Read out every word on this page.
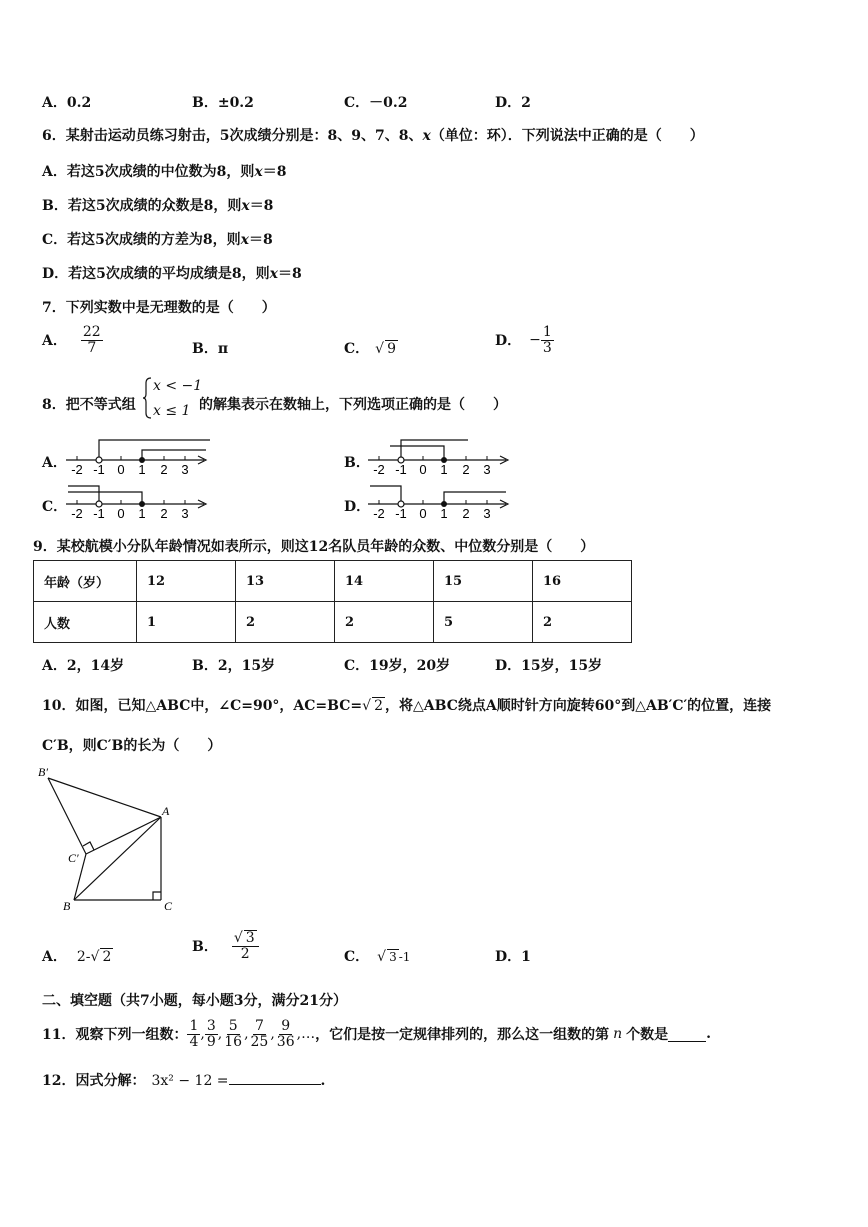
A．0.2	B．±0.2	C．－0.2	D．2
6．某射击运动员练习射击，5次成绩分别是：8、9、7、8、x（单位：环）．下列说法中正确的是（　　）
A．若这5次成绩的中位数为8，则x＝8
B．若这5次成绩的众数是8，则x＝8
C．若这5次成绩的方差为8，则x＝8
D．若这5次成绩的平均成绩是8，则x＝8
7．下列实数中是无理数的是（　　）
A． $\frac{22}{7}$	B．π	C． √ 9	D． − $\frac{1}{3}$
8．把不等式组
x < −1
x ≤ 1 的解集表示在数轴上，下列选项正确的是（　　）
A．	B．
C．	D．
-2 -1 0 1 2 3	-2 -1 0 1 2 3
-2 -1 0 1 2 3	-2 -1 0 1 2 3
9．某校航模小分队年龄情况如表所示，则这12名队员年龄的众数、中位数分别是（　　）
年龄（岁）	12	13	14	15	16
人数	1	2	2	5	2
A．2，14岁	B．2，15岁	C．19岁，20岁	D．15岁，15岁
10．如图，已知△ABC中，∠C=90°，AC=BC=√ 2 ，将△ABC绕点A顺时针方向旋转60°到△AB′C′的位置，连接
C′B，则C′B的长为（　　）
B′
A
C′
B	C
A． 2-√ 2
B． $\frac{√ 3}{2}$	C． √ 3 -1	D．1
二、填空题（共7小题，每小题3分，满分21分）
11．观察下列一组数： $\frac{1}{4}$ , $\frac{3}{9}$ , $\frac{5}{16}$ , $\frac{7}{25}$ , $\frac{9}{36}$ ,… ，它们是按一定规律排列的，那么这一组数的第 n 个数是	.
12．因式分解： 3x² − 12 =	.
